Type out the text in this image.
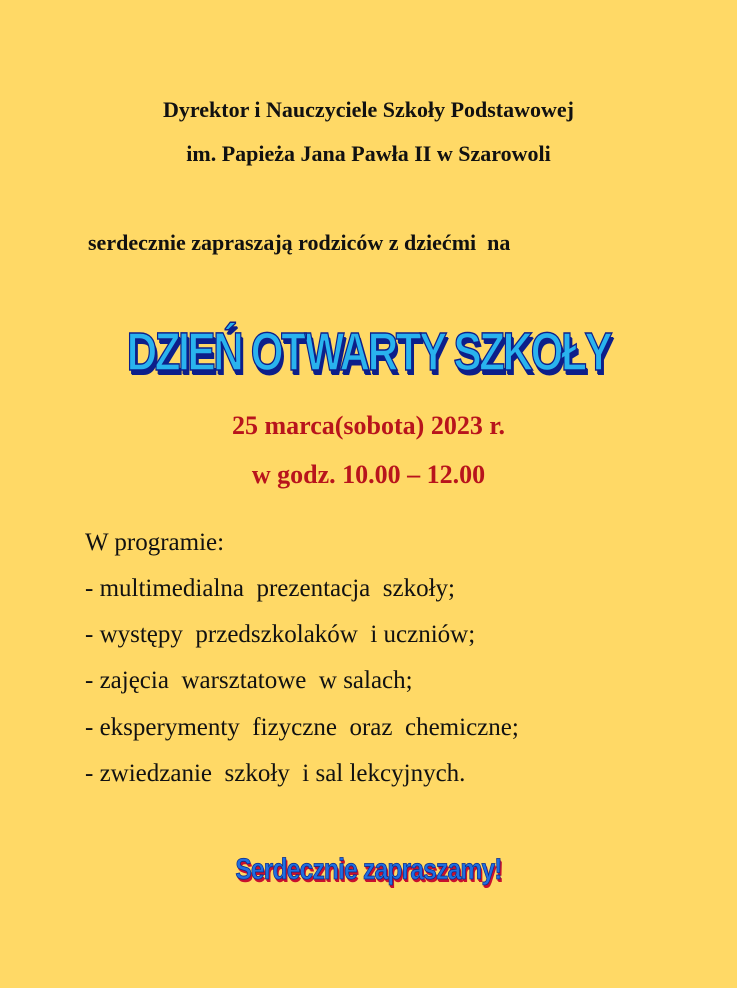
Dyrektor i Nauczyciele Szkoły Podstawowej
im. Papieża Jana Pawła II w Szarowoli
serdecznie zapraszają rodziców z dziećmi  na
DZIEŃ OTWARTY SZKOŁY
25 marca(sobota) 2023 r.
w godz. 10.00 – 12.00
W programie:
- multimedialna  prezentacja  szkoły;
- występy  przedszkolaków  i uczniów;
- zajęcia  warsztatowe  w salach;
- eksperymenty  fizyczne  oraz  chemiczne;
- zwiedzanie  szkoły  i sal lekcyjnych.
Serdecznie zapraszamy!
